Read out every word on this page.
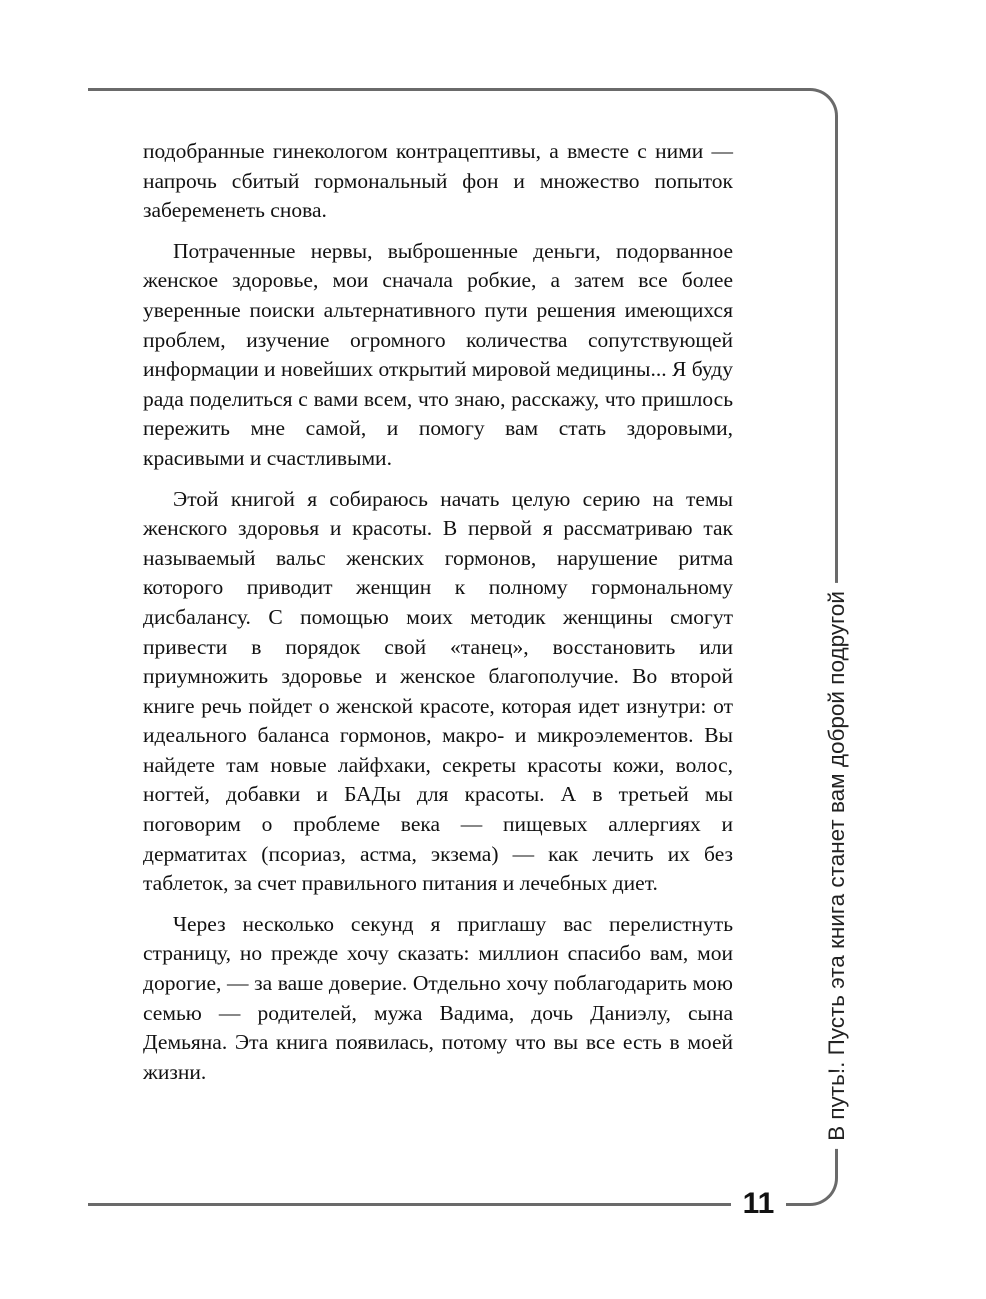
В путь!. Пусть эта книга станет вам доброй подругой
11

подобранные гинекологом контрацептивы, а вместе с ними — напрочь сбитый гормональный фон и множество попыток забеременеть снова.

Потраченные нервы, выброшенные деньги, подорванное женское здоровье, мои сначала робкие, а затем все более уверенные поиски альтернативного пути решения имеющихся проблем, изучение огромного количества сопутствующей информации и новейших открытий мировой медицины... Я буду рада поделиться с вами всем, что знаю, расскажу, что пришлось пережить мне самой, и помогу вам стать здоровыми, красивыми и счастливыми.

Этой книгой я собираюсь начать целую серию на темы женского здоровья и красоты. В первой я рассматриваю так называемый вальс женских гормонов, нарушение ритма которого приводит женщин к полному гормональному дисбалансу. С помощью моих методик женщины смогут привести в порядок свой «танец», восстановить или приумножить здоровье и женское благополучие. Во второй книге речь пойдет о женской красоте, которая идет изнутри: от идеального баланса гормонов, макро- и микроэлементов. Вы найдете там новые лайфхаки, секреты красоты кожи, волос, ногтей, добавки и БАДы для красоты. А в третьей мы поговорим о проблеме века — пищевых аллергиях и дерматитах (псориаз, астма, экзема) — как лечить их без таблеток, за счет правильного питания и лечебных диет.

Через несколько секунд я приглашу вас перелистнуть страницу, но прежде хочу сказать: миллион спасибо вам, мои дорогие, — за ваше доверие. Отдельно хочу поблагодарить мою семью — родителей, мужа Вадима, дочь Даниэлу, сына Демьяна. Эта книга появилась, потому что вы все есть в моей жизни.
